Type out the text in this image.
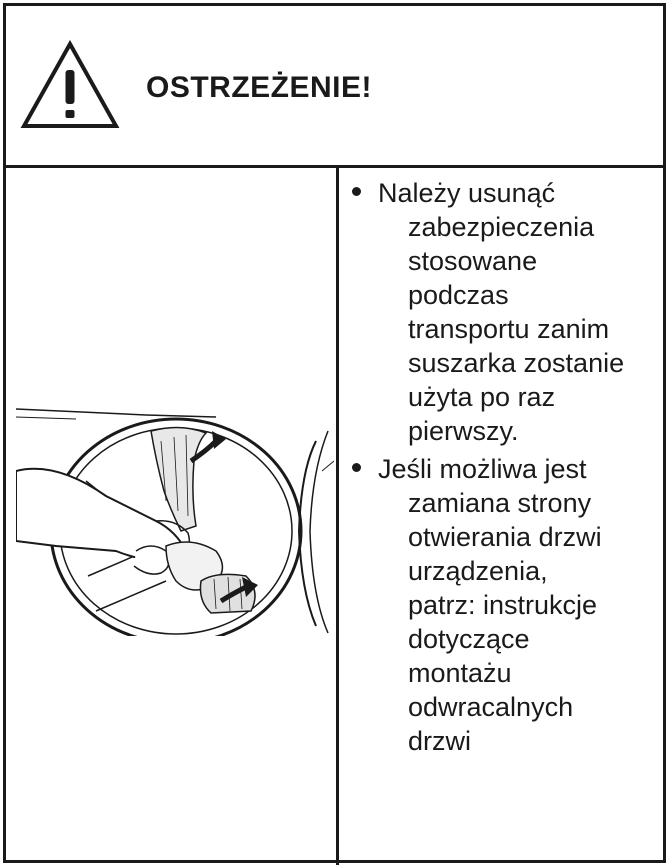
OSTRZEŻENIE!
Należy usunąć
zabezpieczenia
stosowane
podczas
transportu zanim
suszarka zostanie
użyta po raz
pierwszy.
Jeśli możliwa jest
zamiana strony
otwierania drzwi
urządzenia,
patrz: instrukcje
dotyczące
montażu
odwracalnych
drzwi
